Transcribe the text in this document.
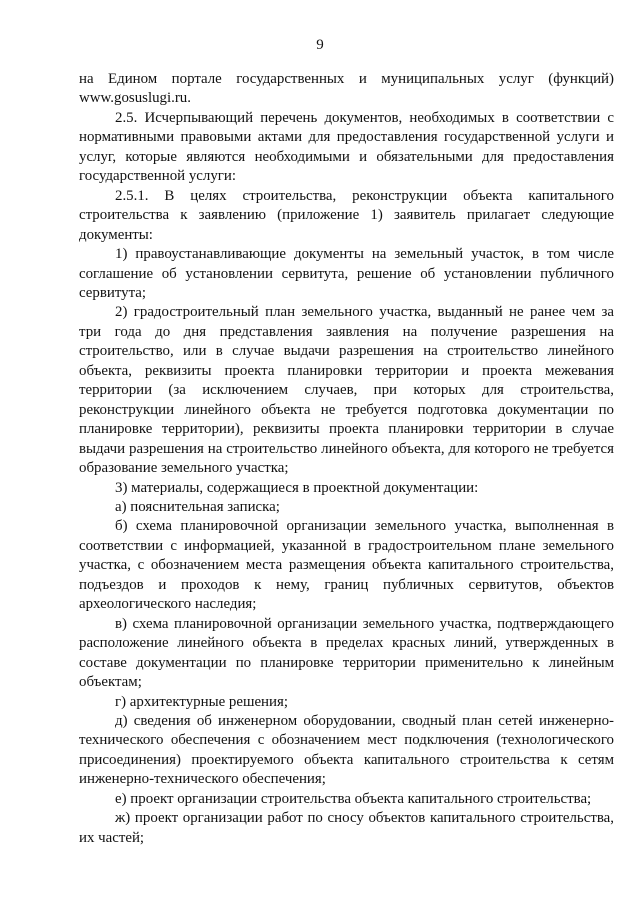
9

на Едином портале государственных и муниципальных услуг (функций) www.gosuslugi.ru.

2.5. Исчерпывающий перечень документов, необходимых в соответствии с нормативными правовыми актами для предоставления государственной услуги и услуг, которые являются необходимыми и обязательными для предоставления государственной услуги:

2.5.1. В целях строительства, реконструкции объекта капитального строительства к заявлению (приложение 1) заявитель прилагает следующие документы:

1) правоустанавливающие документы на земельный участок, в том числе соглашение об установлении сервитута, решение об установлении публичного сервитута;

2) градостроительный план земельного участка, выданный не ранее чем за три года до дня представления заявления на получение разрешения на строительство, или в случае выдачи разрешения на строительство линейного объекта, реквизиты проекта планировки территории и проекта межевания территории (за исключением случаев, при которых для строительства, реконструкции линейного объекта не требуется подготовка документации по планировке территории), реквизиты проекта планировки территории в случае выдачи разрешения на строительство линейного объекта, для которого не требуется образование земельного участка;

3) материалы, содержащиеся в проектной документации:

а) пояснительная записка;

б) схема планировочной организации земельного участка, выполненная в соответствии с информацией, указанной в градостроительном плане земельного участка, с обозначением места размещения объекта капитального строительства, подъездов и проходов к нему, границ публичных сервитутов, объектов археологического наследия;

в) схема планировочной организации земельного участка, подтверждающего расположение линейного объекта в пределах красных линий, утвержденных в составе документации по планировке территории применительно к линейным объектам;

г) архитектурные решения;

д) сведения об инженерном оборудовании, сводный план сетей инженерно-технического обеспечения с обозначением мест подключения (технологического присоединения) проектируемого объекта капитального строительства к сетям инженерно-технического обеспечения;

е) проект организации строительства объекта капитального строительства;

ж) проект организации работ по сносу объектов капитального строительства, их частей;
